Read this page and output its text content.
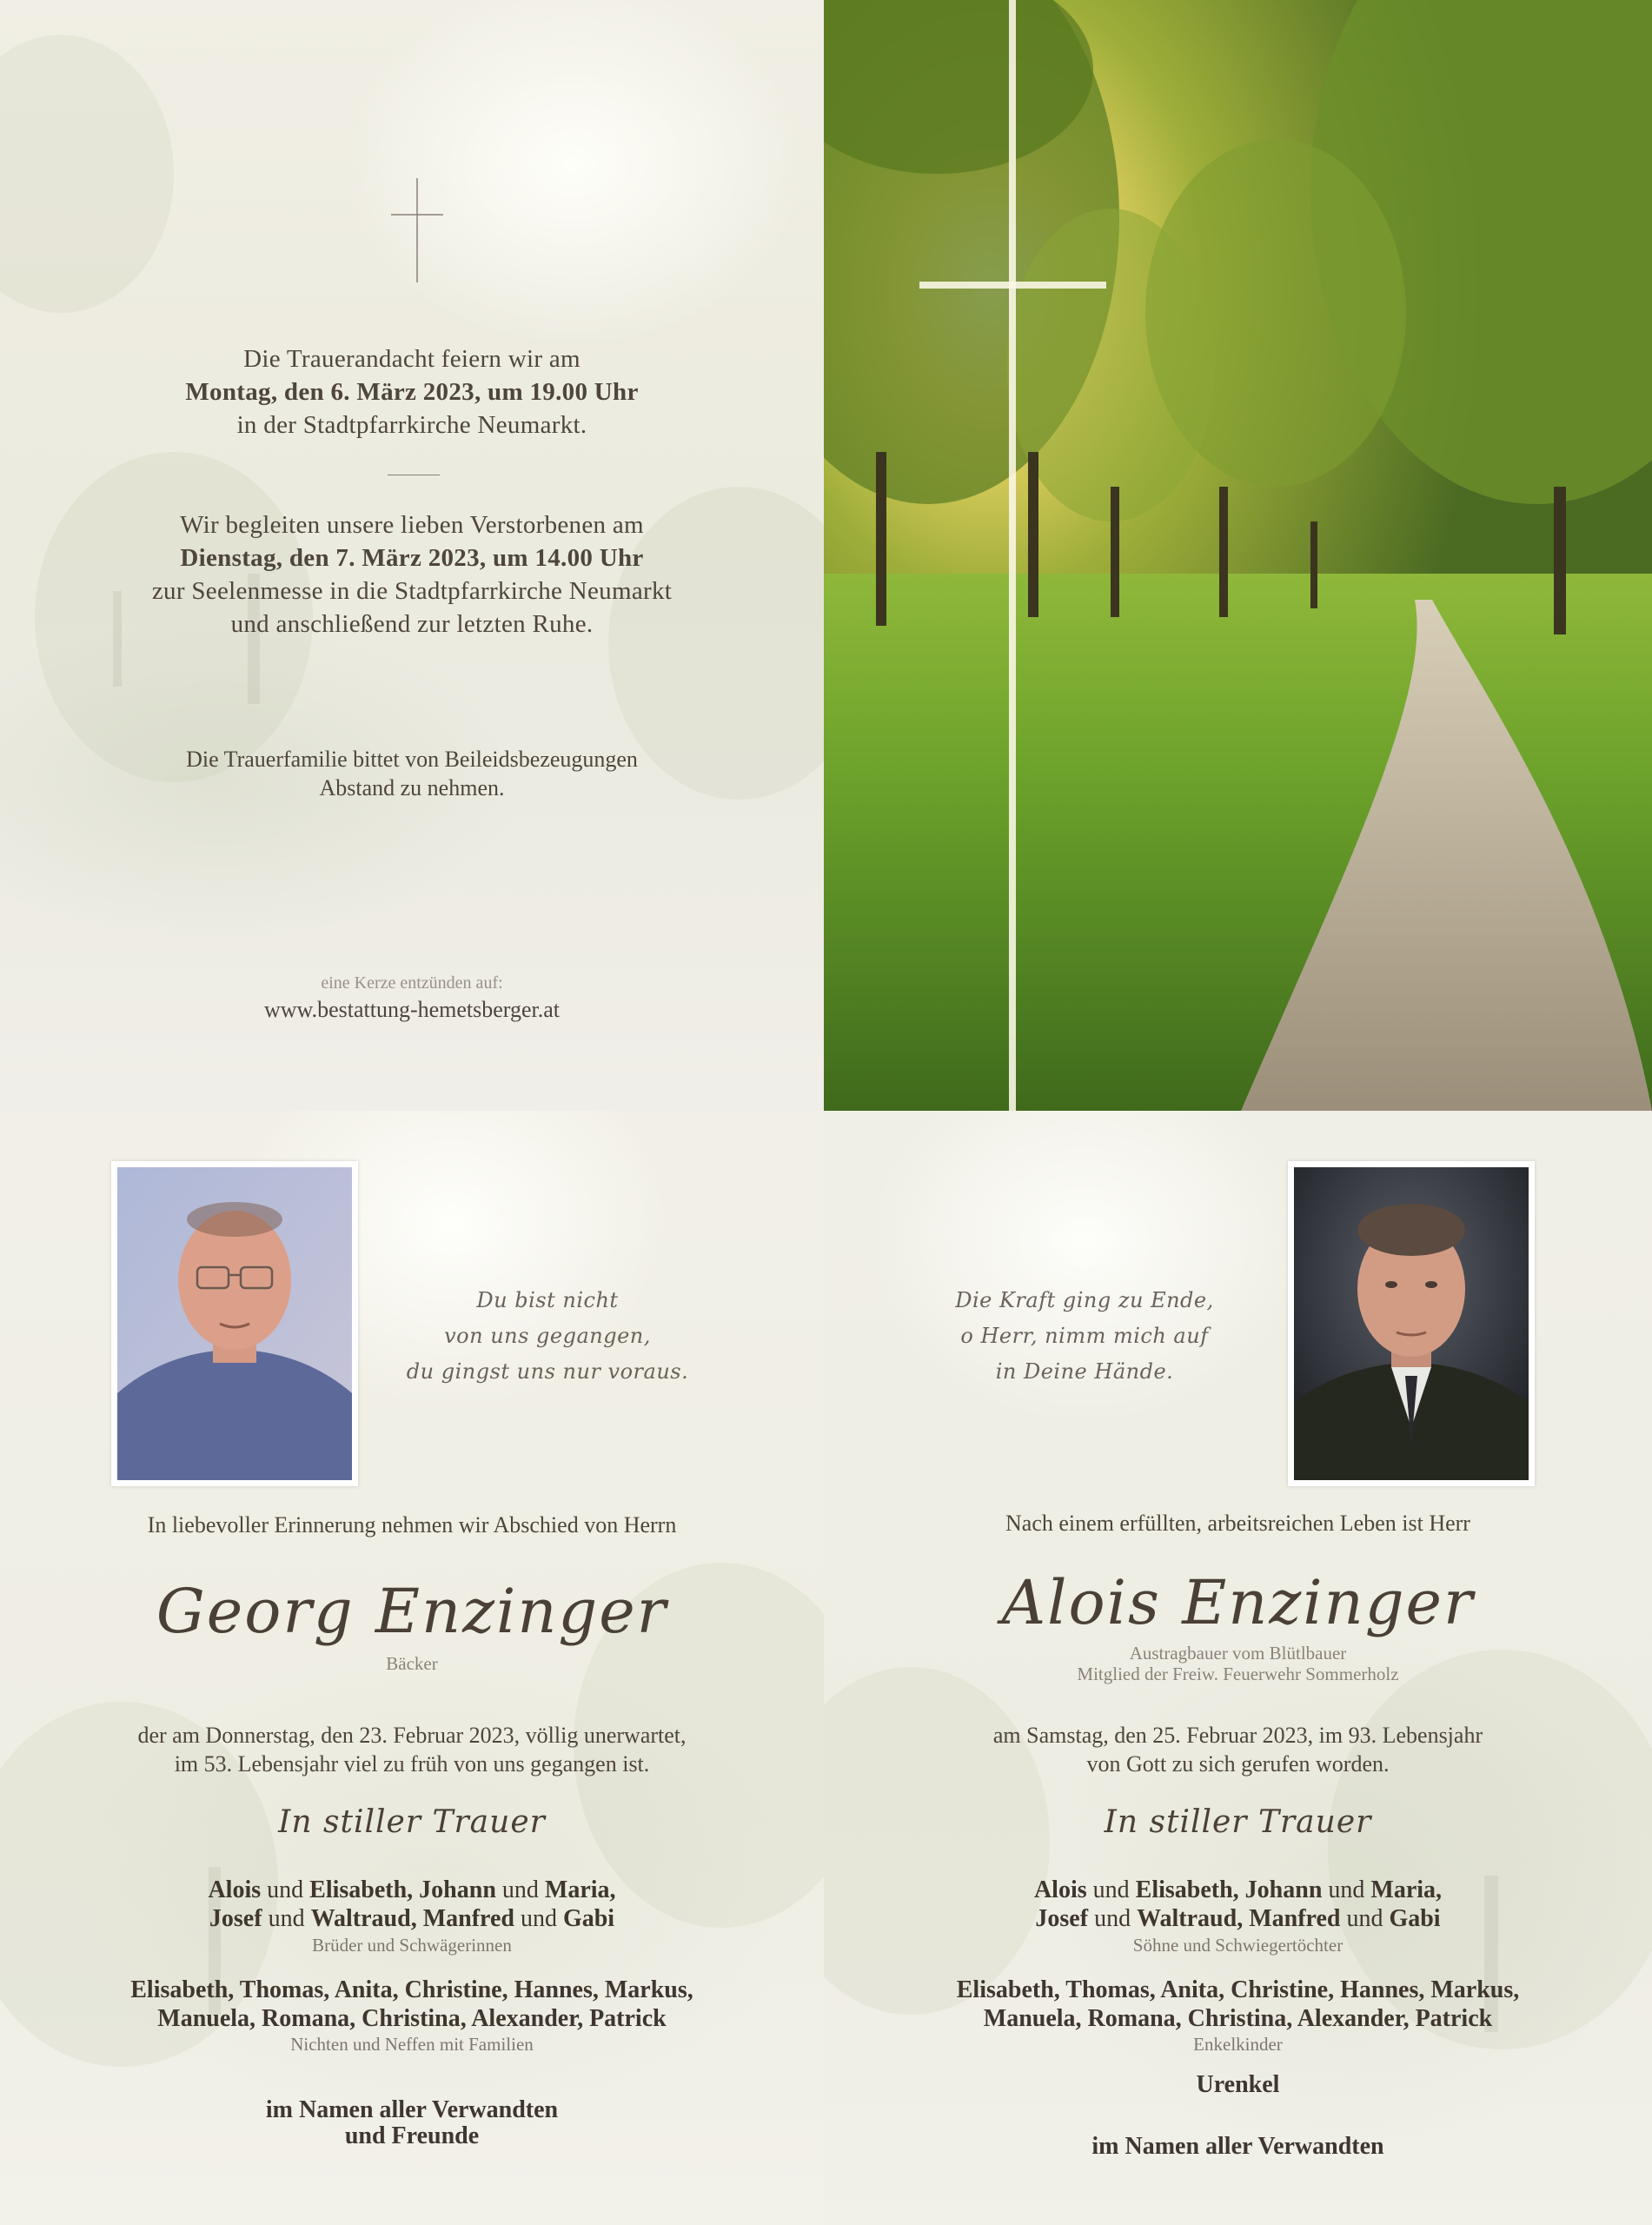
Die Trauerandacht feiern wir am
Montag, den 6. März 2023, um 19.00 Uhr
in der Stadtpfarrkirche Neumarkt.
Wir begleiten unsere lieben Verstorbenen am
Dienstag, den 7. März 2023, um 14.00 Uhr
zur Seelenmesse in die Stadtpfarrkirche Neumarkt
und anschließend zur letzten Ruhe.
Die Trauerfamilie bittet von Beileidsbezeugungen
Abstand zu nehmen.
eine Kerze entzünden auf:
www.bestattung-hemetsberger.at
Du bist nicht
von uns gegangen,
du gingst uns nur voraus.
In liebevoller Erinnerung nehmen wir Abschied von Herrn
Georg Enzinger
Bäcker
der am Donnerstag, den 23. Februar 2023, völlig unerwartet,
im 53. Lebensjahr viel zu früh von uns gegangen ist.
In stiller Trauer
Alois und Elisabeth, Johann und Maria,
Josef und Waltraud, Manfred und Gabi
Brüder und Schwägerinnen
Elisabeth, Thomas, Anita, Christine, Hannes, Markus,
Manuela, Romana, Christina, Alexander, Patrick
Nichten und Neffen mit Familien
im Namen aller Verwandten
und Freunde
Die Kraft ging zu Ende,
o Herr, nimm mich auf
in Deine Hände.
Nach einem erfüllten, arbeitsreichen Leben ist Herr
Alois Enzinger
Austragbauer vom Blütlbauer
Mitglied der Freiw. Feuerwehr Sommerholz
am Samstag, den 25. Februar 2023, im 93. Lebensjahr
von Gott zu sich gerufen worden.
In stiller Trauer
Alois und Elisabeth, Johann und Maria,
Josef und Waltraud, Manfred und Gabi
Söhne und Schwiegertöchter
Elisabeth, Thomas, Anita, Christine, Hannes, Markus,
Manuela, Romana, Christina, Alexander, Patrick
Enkelkinder
Urenkel
im Namen aller Verwandten
